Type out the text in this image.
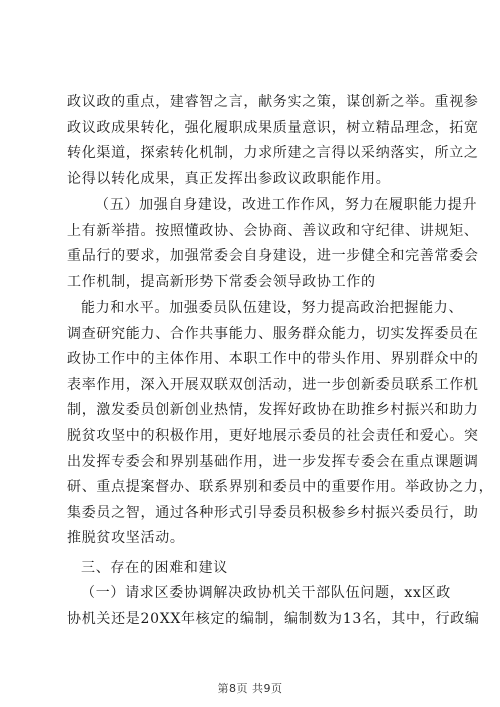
政议政的重点，建睿智之言，献务实之策，谋创新之举。重视参
政议政成果转化，强化履职成果质量意识，树立精品理念，拓宽
转化渠道，探索转化机制，力求所建之言得以采纳落实，所立之
论得以转化成果，真正发挥出参政议政职能作用。
（五）加强自身建设，改进工作作风，努力在履职能力提升
上有新举措。按照懂政协、会协商、善议政和守纪律、讲规矩、
重品行的要求，加强常委会自身建设，进一步健全和完善常委会
工作机制，提高新形势下常委会领导政协工作的
能力和水平。加强委员队伍建设，努力提高政治把握能力、
调查研究能力、合作共事能力、服务群众能力，切实发挥委员在
政协工作中的主体作用、本职工作中的带头作用、界别群众中的
表率作用，深入开展双联双创活动，进一步创新委员联系工作机
制，激发委员创新创业热情，发挥好政协在助推乡村振兴和助力
脱贫攻坚中的积极作用，更好地展示委员的社会责任和爱心。突
出发挥专委会和界别基础作用，进一步发挥专委会在重点课题调
研、重点提案督办、联系界别和委员中的重要作用。举政协之力，
集委员之智，通过各种形式引导委员积极参乡村振兴委员行，助
推脱贫攻坚活动。
三、存在的困难和建议
（一）请求区委协调解决政协机关干部队伍问题，xx区政
协机关还是20XX年核定的编制，编制数为13名，其中，行政编
第8页 共9页
